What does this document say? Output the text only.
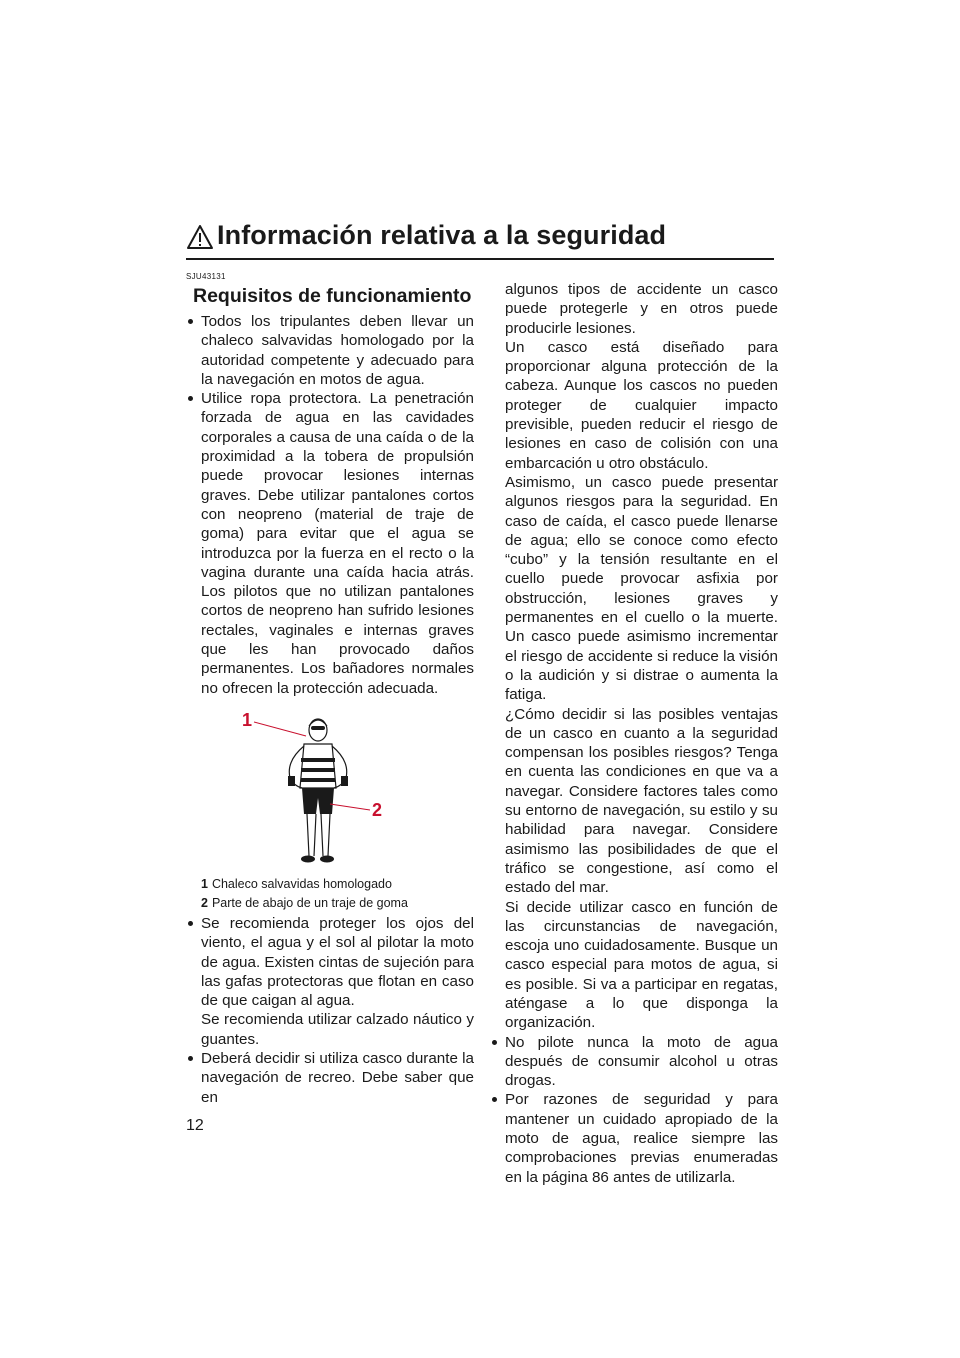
Información relativa a la seguridad
SJU43131
Requisitos de funcionamiento
Todos los tripulantes deben llevar un chaleco salvavidas homologado por la autoridad competente y adecuado para la navegación en motos de agua.
Utilice ropa protectora. La penetración forzada de agua en las cavidades corporales a causa de una caída o de la proximidad a la tobera de propulsión puede provocar lesiones internas graves. Debe utilizar pantalones cortos con neopreno (material de traje de goma) para evitar que el agua se introduzca por la fuerza en el recto o la vagina durante una caída hacia atrás. Los pilotos que no utilizan pantalones cortos de neopreno han sufrido lesiones rectales, vaginales e internas graves que les han provocado daños permanentes. Los bañadores normales no ofrecen la protección adecuada.
1
2
1 Chaleco salvavidas homologado
2 Parte de abajo de un traje de goma
Se recomienda proteger los ojos del viento, el agua y el sol al pilotar la moto de agua. Existen cintas de sujeción para las gafas protectoras que flotan en caso de que caigan al agua.
Se recomienda utilizar calzado náutico y guantes.
Deberá decidir si utiliza casco durante la navegación de recreo. Debe saber que en
algunos tipos de accidente un casco puede protegerle y en otros puede producirle lesiones.
Un casco está diseñado para proporcionar alguna protección de la cabeza. Aunque los cascos no pueden proteger de cualquier impacto previsible, pueden reducir el riesgo de lesiones en caso de colisión con una embarcación u otro obstáculo.
Asimismo, un casco puede presentar algunos riesgos para la seguridad. En caso de caída, el casco puede llenarse de agua; ello se conoce como efecto “cubo” y la tensión resultante en el cuello puede provocar asfixia por obstrucción, lesiones graves y permanentes en el cuello o la muerte. Un casco puede asimismo incrementar el riesgo de accidente si reduce la visión o la audición y si distrae o aumenta la fatiga.
¿Cómo decidir si las posibles ventajas de un casco en cuanto a la seguridad compensan los posibles riesgos? Tenga en cuenta las condiciones en que va a navegar. Considere factores tales como su entorno de navegación, su estilo y su habilidad para navegar. Considere asimismo las posibilidades de que el tráfico se congestione, así como el estado del mar.
Si decide utilizar casco en función de las circunstancias de navegación, escoja uno cuidadosamente. Busque un casco especial para motos de agua, si es posible. Si va a participar en regatas, aténgase a lo que disponga la organización.
No pilote nunca la moto de agua después de consumir alcohol u otras drogas.
Por razones de seguridad y para mantener un cuidado apropiado de la moto de agua, realice siempre las comprobaciones previas enumeradas en la página 86 antes de utilizarla.
12
